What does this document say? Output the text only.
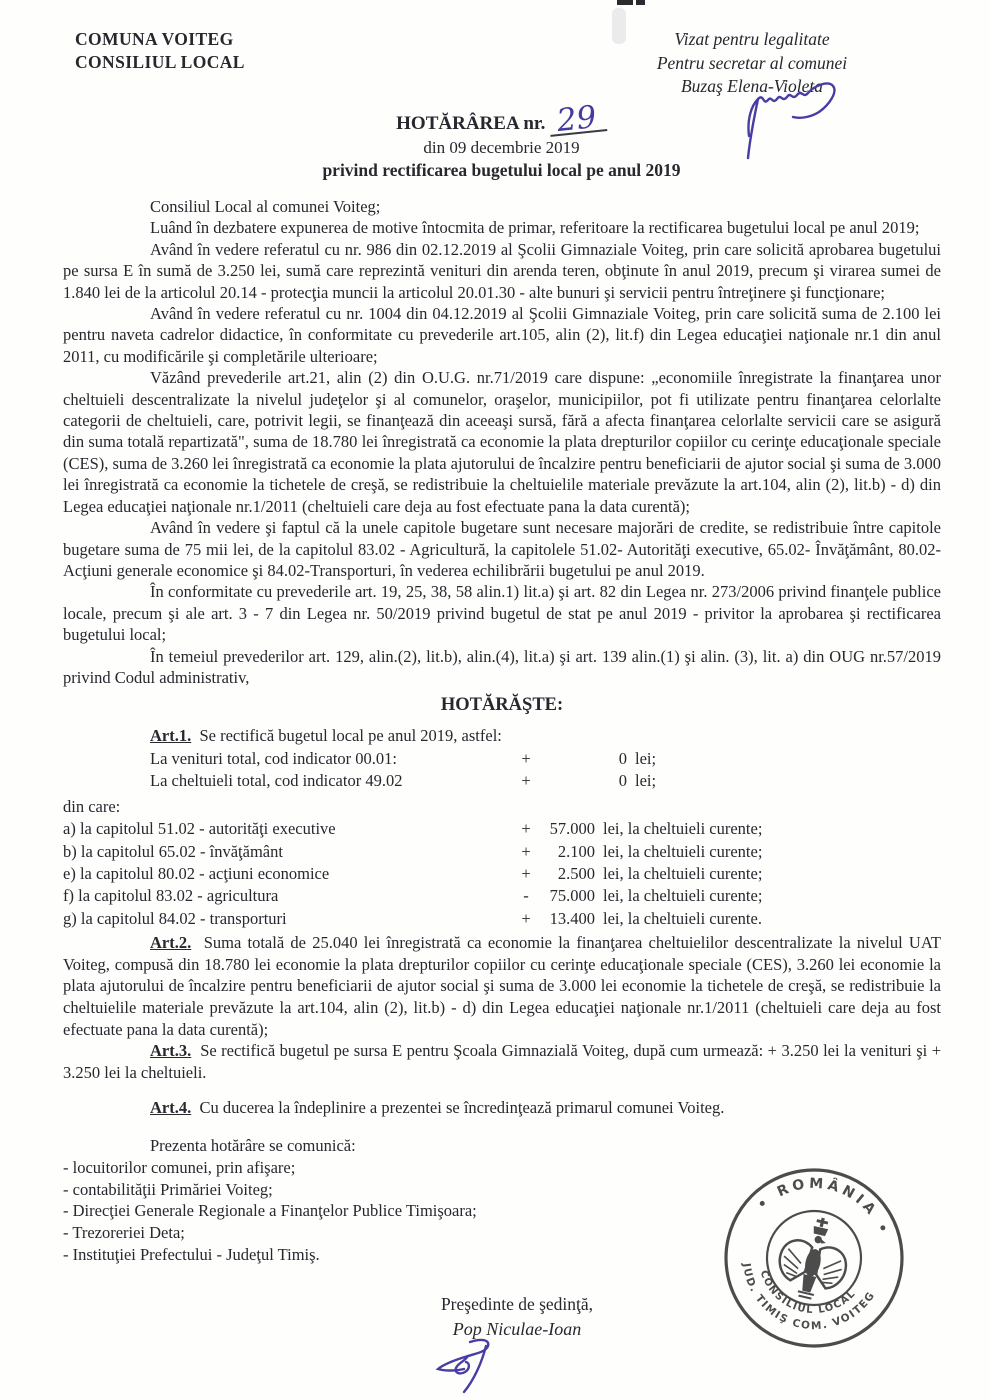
COMUNA VOITEG
CONSILIUL LOCAL
Vizat pentru legalitate
Pentru secretar al comunei
Buzaş Elena-Violeta
HOTĂRÂREA nr. 29
din 09 decembrie 2019
privind rectificarea bugetului local pe anul 2019

Consiliul Local al comunei Voiteg;

Luând în dezbatere expunerea de motive întocmita de primar, referitoare la rectificarea bugetului local pe anul 2019;

Având în vedere referatul cu nr. 986 din 02.12.2019 al Şcolii Gimnaziale Voiteg, prin care solicită aprobarea bugetului pe sursa E în sumă de 3.250 lei, sumă care reprezintă venituri din arenda teren, obţinute în anul 2019, precum şi virarea sumei de 1.840 lei de la articolul 20.14 - protecţia muncii la articolul 20.01.30 - alte bunuri şi servicii pentru întreţinere şi funcţionare;

Având în vedere referatul cu nr. 1004 din 04.12.2019 al Şcolii Gimnaziale Voiteg, prin care solicită suma de 2.100 lei pentru naveta cadrelor didactice, în conformitate cu prevederile art.105, alin (2), lit.f) din Legea educaţiei naţionale nr.1 din anul 2011, cu modificările şi completările ulterioare;

Văzând prevederile art.21, alin (2) din O.U.G. nr.71/2019 care dispune: „economiile înregistrate la finanţarea unor cheltuieli descentralizate la nivelul judeţelor şi al comunelor, oraşelor, municipiilor, pot fi utilizate pentru finanţarea celorlalte categorii de cheltuieli, care, potrivit legii, se finanţează din aceeaşi sursă, fără a afecta finanţarea celorlalte servicii care se asigură din suma totală repartizată", suma de 18.780 lei înregistrată ca economie la plata drepturilor copiilor cu cerinţe educaţionale speciale (CES), suma de 3.260 lei înregistrată ca economie la plata ajutorului de încalzire pentru beneficiarii de ajutor social şi suma de 3.000 lei înregistrată ca economie la tichetele de creşă, se redistribuie la cheltuielile materiale prevăzute la art.104, alin (2), lit.b) - d) din Legea educaţiei naţionale nr.1/2011 (cheltuieli care deja au fost efectuate pana la data curentă);

Având în vedere şi faptul că la unele capitole bugetare sunt necesare majorări de credite, se redistribuie între capitole bugetare suma de 75 mii lei, de la capitolul 83.02 - Agricultură, la capitolele 51.02- Autorităţi executive, 65.02- Învăţământ, 80.02- Acţiuni generale economice şi 84.02-Transporturi, în vederea echilibrării bugetului pe anul 2019.

În conformitate cu prevederile art. 19, 25, 38, 58 alin.1) lit.a) şi art. 82 din Legea nr. 273/2006 privind finanţele publice locale, precum şi ale art. 3 - 7 din Legea nr. 50/2019 privind bugetul de stat pe anul 2019 - privitor la aprobarea şi rectificarea bugetului local;

În temeiul prevederilor art. 129, alin.(2), lit.b), alin.(4), lit.a) şi art. 139 alin.(1) şi alin. (3), lit. a) din OUG nr.57/2019 privind Codul administrativ,

HOTĂRĂŞTE:

Art.1. Se rectifică bugetul local pe anul 2019, astfel:

La venituri total, cod indicator 00.01:	+	0 lei;
La cheltuieli total, cod indicator 49.02	+	0 lei;
din care:
a) la capitolul 51.02 - autorităţi executive	+	57.000 lei, la cheltuieli curente;
b) la capitolul 65.02 - învăţământ	+	2.100 lei, la cheltuieli curente;
e) la capitolul 80.02 - acţiuni economice	+	2.500 lei, la cheltuieli curente;
f) la capitolul 83.02 - agricultura	-	75.000 lei, la cheltuieli curente;
g) la capitolul 84.02 - transporturi	+	13.400 lei, la cheltuieli curente.

Art.2. Suma totală de 25.040 lei înregistrată ca economie la finanţarea cheltuielilor descentralizate la nivelul UAT Voiteg, compusă din 18.780 lei economie la plata drepturilor copiilor cu cerinţe educaţionale speciale (CES), 3.260 lei economie la plata ajutorului de încalzire pentru beneficiarii de ajutor social şi suma de 3.000 lei economie la tichetele de creşă, se redistribuie la cheltuielile materiale prevăzute la art.104, alin (2), lit.b) - d) din Legea educaţiei naţionale nr.1/2011 (cheltuieli care deja au fost efectuate pana la data curentă);

Art.3. Se rectifică bugetul pe sursa E pentru Şcoala Gimnazială Voiteg, după cum urmează: + 3.250 lei la venituri şi + 3.250 lei la cheltuieli.

Art.4. Cu ducerea la îndeplinire a prezentei se încredinţează primarul comunei Voiteg.

Prezenta hotărâre se comunică:

- locuitorilor comunei, prin afişare;
- contabilităţii Primăriei Voiteg;
- Direcţiei Generale Regionale a Finanţelor Publice Timişoara;
- Trezoreriei Deta;
- Instituţiei Prefectului - Judeţul Timiş.
Preşedinte de şedinţă,
Pop Niculae-Ioan
• ROMÂNIA •
JUD. TIMIŞ COM. VOITEG
CONSILIUL LOCAL
